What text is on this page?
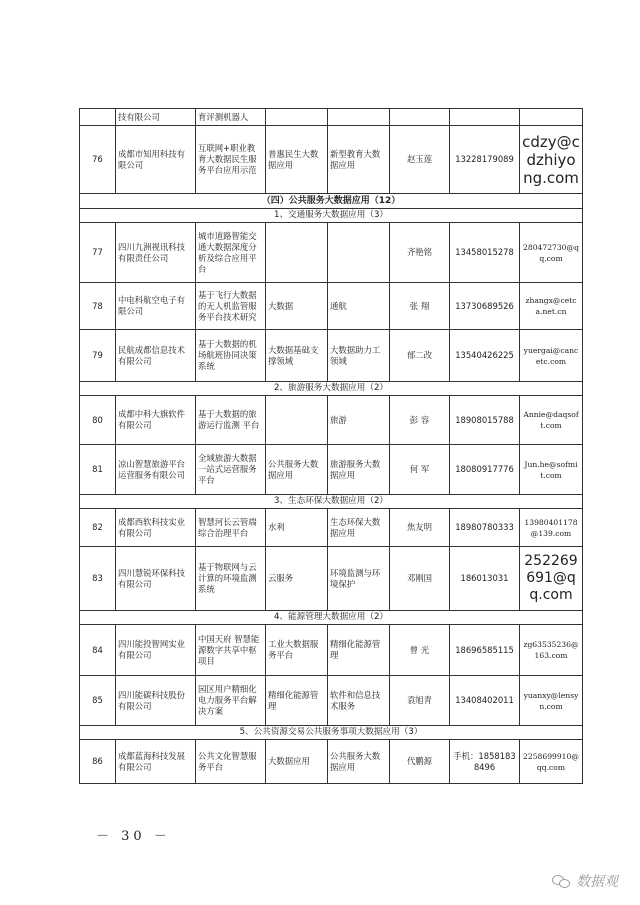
	技有限公司	育评测机器人					
76	成都市知用科技有限公司	互联网+职业教育大数据民生服务平台应用示范	普惠民生大数据应用	新型教育大数据应用	赵玉莲	13228179089	cdzy@cdzhiyong.com
（四）公共服务大数据应用（12）							
1、交通服务大数据应用（3）							
77	四川九洲视讯科技有限责任公司	城市道路智能交通大数据深度分析及综合应用平台			齐艳铭	13458015278	280472730@qq.com
78	中电科航空电子有限公司	基于飞行大数据的无人机监管服务平台技术研究	大数据	通航	张 翔	13730689526	zhangx@cetca.net.cn
79	民航成都信息技术有限公司	基于大数据的机场航班协同决策系统	大数据基础支撑领域	大数据助力工领域	郁二改	13540426225	yuergai@cancetc.com
2、旅游服务大数据应用（2）							
80	成都中科大旗软件有限公司	基于大数据的旅游运行监测 平台		旅游	彭 容	18908015788	Annie@daqsoft.com
81	凉山智慧旅游平台运营服务有限公司	全域旅游大数据一站式运营服务平台	公共服务大数据应用	旅游服务大数据应用	何 军	18080917776	Jun.he@sofmit.com
3、生态环保大数据应用（2）							
82	成都西软科技实业有限公司	智慧河长云管端综合治理平台	水利	生态环保大数据应用	焦友明	18980780333	13980401178@139.com
83	四川慧锐环保科技有限公司	基于物联网与云计算的环境监测系统	云服务	环境监测与环境保护	邓刚国	186013031	252269691@qq.com
4、能源管理大数据应用（2）							
84	四川能投智网实业有限公司	中国天府 智慧能源数字共享中枢项目	工业大数据服务平台	精细化能源管理	曾 光	18696585115	zg63535236@163.com
85	四川能碳科技股份有限公司	园区用户精细化电力服务平台解决方案	精细化能源管理	软件和信息技术服务	袁旭青	13408402011	yuanxy@lensyn.com
5、公共资源交易公共服务事项大数据应用（3）							
86	成都蓝海科技发展有限公司	公共文化智慧服务平台	大数据应用	公共服务大数据应用	代鹏源	手机：18581838496	2258699910@qq.com
－ 30 －
数据观
